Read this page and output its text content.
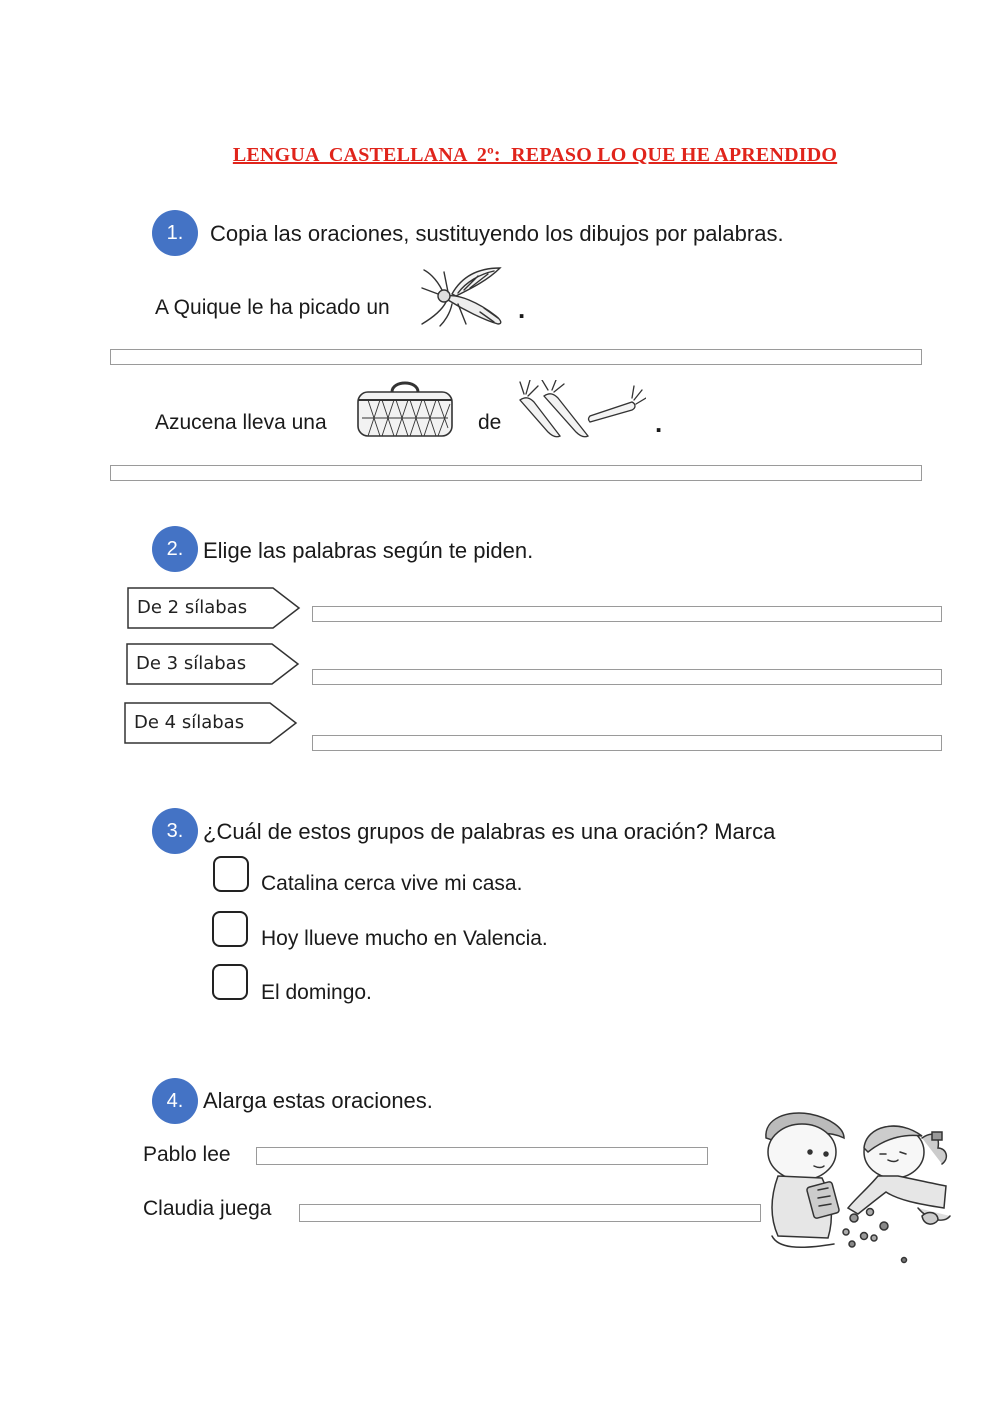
LENGUA  CASTELLANA  2º:  REPASO LO QUE HE APRENDIDO
1.	Copia las oraciones, sustituyendo los dibujos por palabras.
A Quique le ha picado un	.
Azucena lleva una	de	.
2. Elige las palabras según te piden.
De 2 sílabas
De 3 sílabas
De 4 sílabas
3. ¿Cuál de estos grupos de palabras es una oración? Marca
Catalina cerca vive mi casa.
Hoy llueve mucho en Valencia.
El domingo.
4. Alarga estas oraciones.
Pablo lee
Claudia juega
